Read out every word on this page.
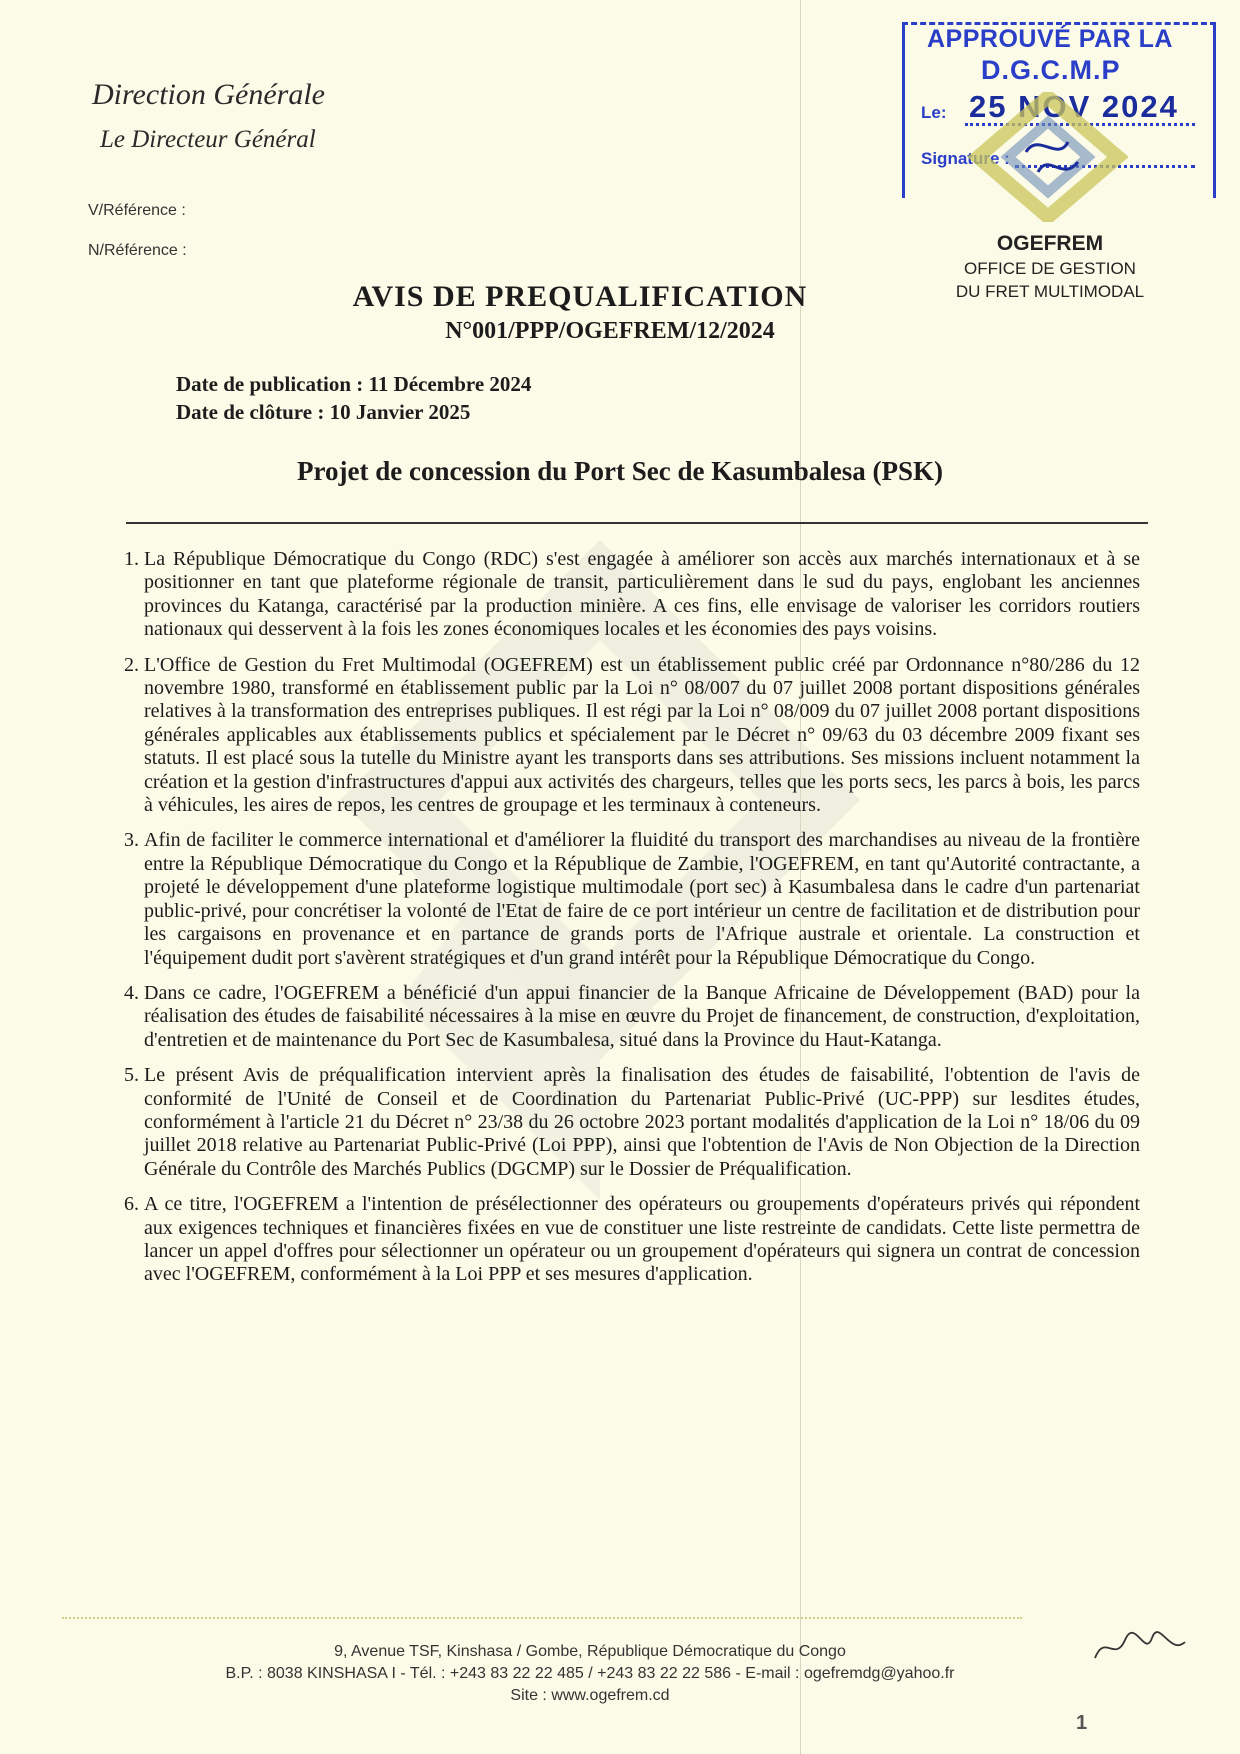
Direction Générale
Le Directeur Général
V/Référence :
N/Référence :
APPROUVÉ PAR LA
D.G.C.M.P
Le: 25 NOV 2024
Signature :
OGEFREM
OFFICE DE GESTION
DU FRET MULTIMODAL
AVIS DE PREQUALIFICATION
N°001/PPP/OGEFREM/12/2024
Date de publication : 11 Décembre 2024
Date de clôture : 10 Janvier 2025
Projet de concession du Port Sec de Kasumbalesa (PSK)
1. La République Démocratique du Congo (RDC) s'est engagée à améliorer son accès aux marchés internationaux et à se positionner en tant que plateforme régionale de transit, particulièrement dans le sud du pays, englobant les anciennes provinces du Katanga, caractérisé par la production minière. A ces fins, elle envisage de valoriser les corridors routiers nationaux qui desservent à la fois les zones économiques locales et les économies des pays voisins.
2. L'Office de Gestion du Fret Multimodal (OGEFREM) est un établissement public créé par Ordonnance n°80/286 du 12 novembre 1980, transformé en établissement public par la Loi n° 08/007 du 07 juillet 2008 portant dispositions générales relatives à la transformation des entreprises publiques. Il est régi par la Loi n° 08/009 du 07 juillet 2008 portant dispositions générales applicables aux établissements publics et spécialement par le Décret n° 09/63 du 03 décembre 2009 fixant ses statuts. Il est placé sous la tutelle du Ministre ayant les transports dans ses attributions. Ses missions incluent notamment la création et la gestion d'infrastructures d'appui aux activités des chargeurs, telles que les ports secs, les parcs à bois, les parcs à véhicules, les aires de repos, les centres de groupage et les terminaux à conteneurs.
3. Afin de faciliter le commerce international et d'améliorer la fluidité du transport des marchandises au niveau de la frontière entre la République Démocratique du Congo et la République de Zambie, l'OGEFREM, en tant qu'Autorité contractante, a projeté le développement d'une plateforme logistique multimodale (port sec) à Kasumbalesa dans le cadre d'un partenariat public-privé, pour concrétiser la volonté de l'Etat de faire de ce port intérieur un centre de facilitation et de distribution pour les cargaisons en provenance et en partance de grands ports de l'Afrique australe et orientale. La construction et l'équipement dudit port s'avèrent stratégiques et d'un grand intérêt pour la République Démocratique du Congo.
4. Dans ce cadre, l'OGEFREM a bénéficié d'un appui financier de la Banque Africaine de Développement (BAD) pour la réalisation des études de faisabilité nécessaires à la mise en œuvre du Projet de financement, de construction, d'exploitation, d'entretien et de maintenance du Port Sec de Kasumbalesa, situé dans la Province du Haut-Katanga.
5. Le présent Avis de préqualification intervient après la finalisation des études de faisabilité, l'obtention de l'avis de conformité de l'Unité de Conseil et de Coordination du Partenariat Public-Privé (UC-PPP) sur lesdites études, conformément à l'article 21 du Décret n° 23/38 du 26 octobre 2023 portant modalités d'application de la Loi n° 18/06 du 09 juillet 2018 relative au Partenariat Public-Privé (Loi PPP), ainsi que l'obtention de l'Avis de Non Objection de la Direction Générale du Contrôle des Marchés Publics (DGCMP) sur le Dossier de Préqualification.
6. A ce titre, l'OGEFREM a l'intention de présélectionner des opérateurs ou groupements d'opérateurs privés qui répondent aux exigences techniques et financières fixées en vue de constituer une liste restreinte de candidats. Cette liste permettra de lancer un appel d'offres pour sélectionner un opérateur ou un groupement d'opérateurs qui signera un contrat de concession avec l'OGEFREM, conformément à la Loi PPP et ses mesures d'application.
9, Avenue TSF, Kinshasa / Gombe, République Démocratique du Congo
B.P. : 8038 KINSHASA I - Tél. : +243 83 22 22 485 / +243 83 22 22 586 - E-mail : ogefremdg@yahoo.fr
Site : www.ogefrem.cd
1
